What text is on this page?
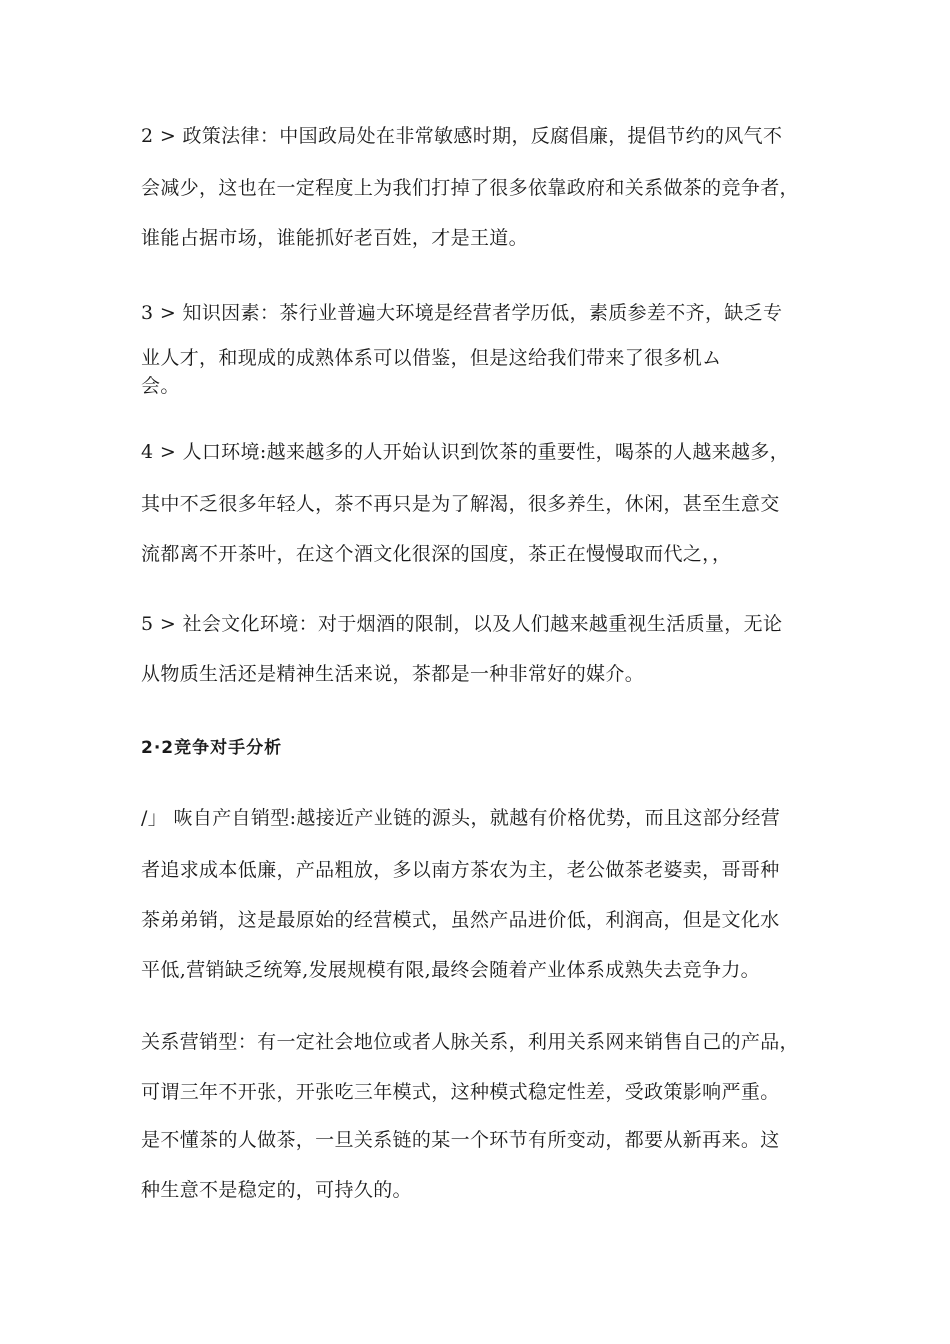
2 > 政策法律：中国政局处在非常敏感时期，反腐倡廉，提倡节约的风气不
会减少，这也在一定程度上为我们打掉了很多依靠政府和关系做茶的竞争者，
谁能占据市场，谁能抓好老百姓，才是王道。
3 > 知识因素：茶行业普遍大环境是经营者学历低，素质参差不齐，缺乏专
业人才，和现成的成熟体系可以借鉴，但是这给我们带来了很多机ム
会。
4 > 人口环境:越来越多的人开始认识到饮茶的重要性，喝茶的人越来越多，
其中不乏很多年轻人，茶不再只是为了解渴，很多养生，休闲，甚至生意交
流都离不开茶叶，在这个酒文化很深的国度，茶正在慢慢取而代之，，
5 > 社会文化环境：对于烟酒的限制，以及人们越来越重视生活质量，无论
从物质生活还是精神生活来说，茶都是一种非常好的媒介。
2·2竞争对手分析
/」 咴自产自销型:越接近产业链的源头，就越有价格优势，而且这部分经营
者追求成本低廉，产品粗放，多以南方茶农为主，老公做茶老婆卖，哥哥种
茶弟弟销，这是最原始的经营模式，虽然产品进价低，利润高，但是文化水
平低,营销缺乏统筹,发展规模有限,最终会随着产业体系成熟失去竞争力。
关系营销型：有一定社会地位或者人脉关系，利用关系网来销售自己的产品，
可谓三年不开张，开张吃三年模式，这种模式稳定性差，受政策影响严重。
是不懂茶的人做茶，一旦关系链的某一个环节有所变动，都要从新再来。这
种生意不是稳定的，可持久的。
